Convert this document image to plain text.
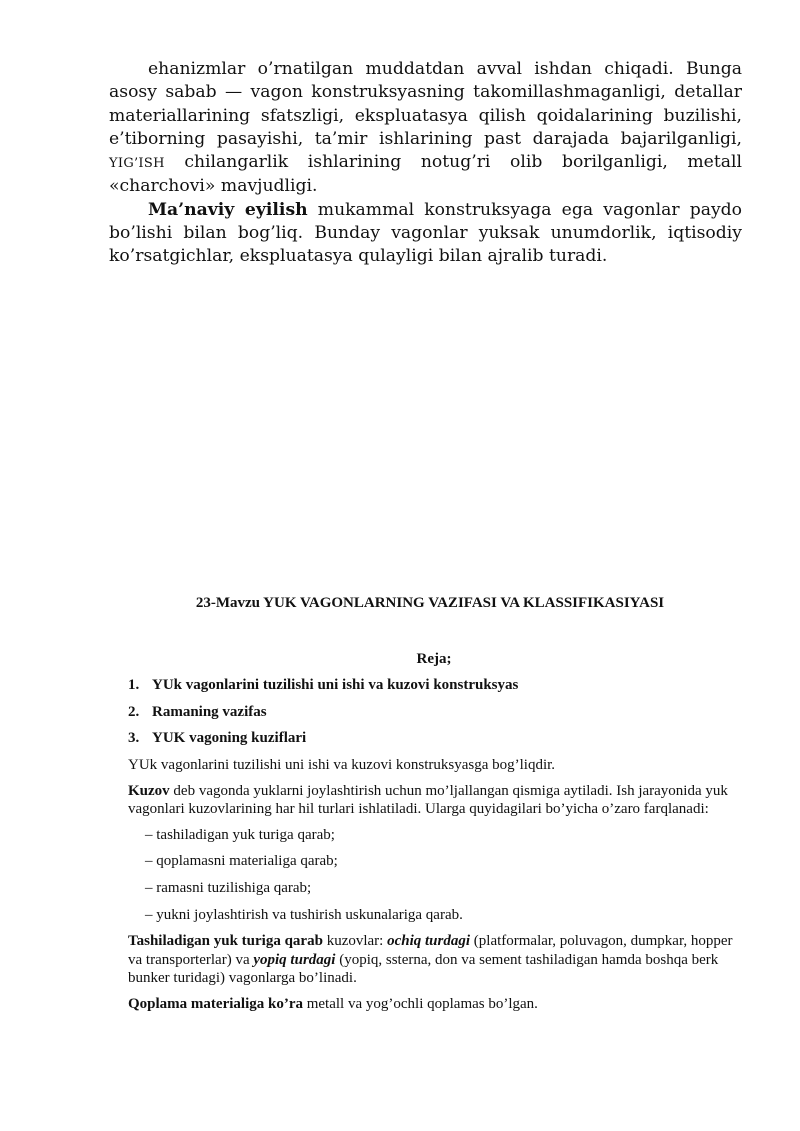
ehanizmlar o’rnatilgan muddatdan avval ishdan chiqadi. Bunga asosy sabab — vagon konstruksyasning takomillashmaganligi, detallar materiallarining sfatszligi, ekspluatasya qilish qoidalarining buzilishi, e’tiborning pasayishi, ta’mir ishlarining past darajada bajarilganligi, YIG’ISH chilangarlik ishlarining notug’ri olib borilganligi, metall «charchovi» mavjudligi.

Ma’naviy eyilish mukammal konstruksyaga ega vagonlar paydo bo’lishi bilan bog’liq. Bunday vagonlar yuksak unumdorlik, iqtisodiy ko’rsatgichlar, ekspluatasya qulayligi bilan ajralib turadi.

23-Mavzu YUK VAGONLARNING VAZIFASI VA KLASSIFIKASIYASI

Reja;

1. YUk vagonlarini tuzilishi uni ishi va kuzovi konstruksyas
2. Ramaning vazifas
3. YUK vagoning kuziflari

YUk vagonlarini tuzilishi uni ishi va kuzovi konstruksyasga bog’liqdir.

Kuzov deb vagonda yuklarni joylashtirish uchun mo’ljallangan qismiga aytiladi. Ish jarayonida yuk vagonlari kuzovlarining har hil turlari ishlatiladi. Ularga quyidagilari bo’yicha o’zaro farqlanadi:

– tashiladigan yuk turiga qarab;

– qoplamasni materialiga qarab;

– ramasni tuzilishiga qarab;

– yukni joylashtirish va tushirish uskunalariga qarab.

Tashiladigan yuk turiga qarab kuzovlar: ochiq turdagi (platformalar, poluvagon, dumpkar, hopper va transporterlar) va yopiq turdagi (yopiq, ssterna, don va sement tashiladigan hamda boshqa berk bunker turidagi) vagonlarga bo’linadi.

Qoplama materialiga ko’ra metall va yog’ochli qoplamas bo’lgan.
